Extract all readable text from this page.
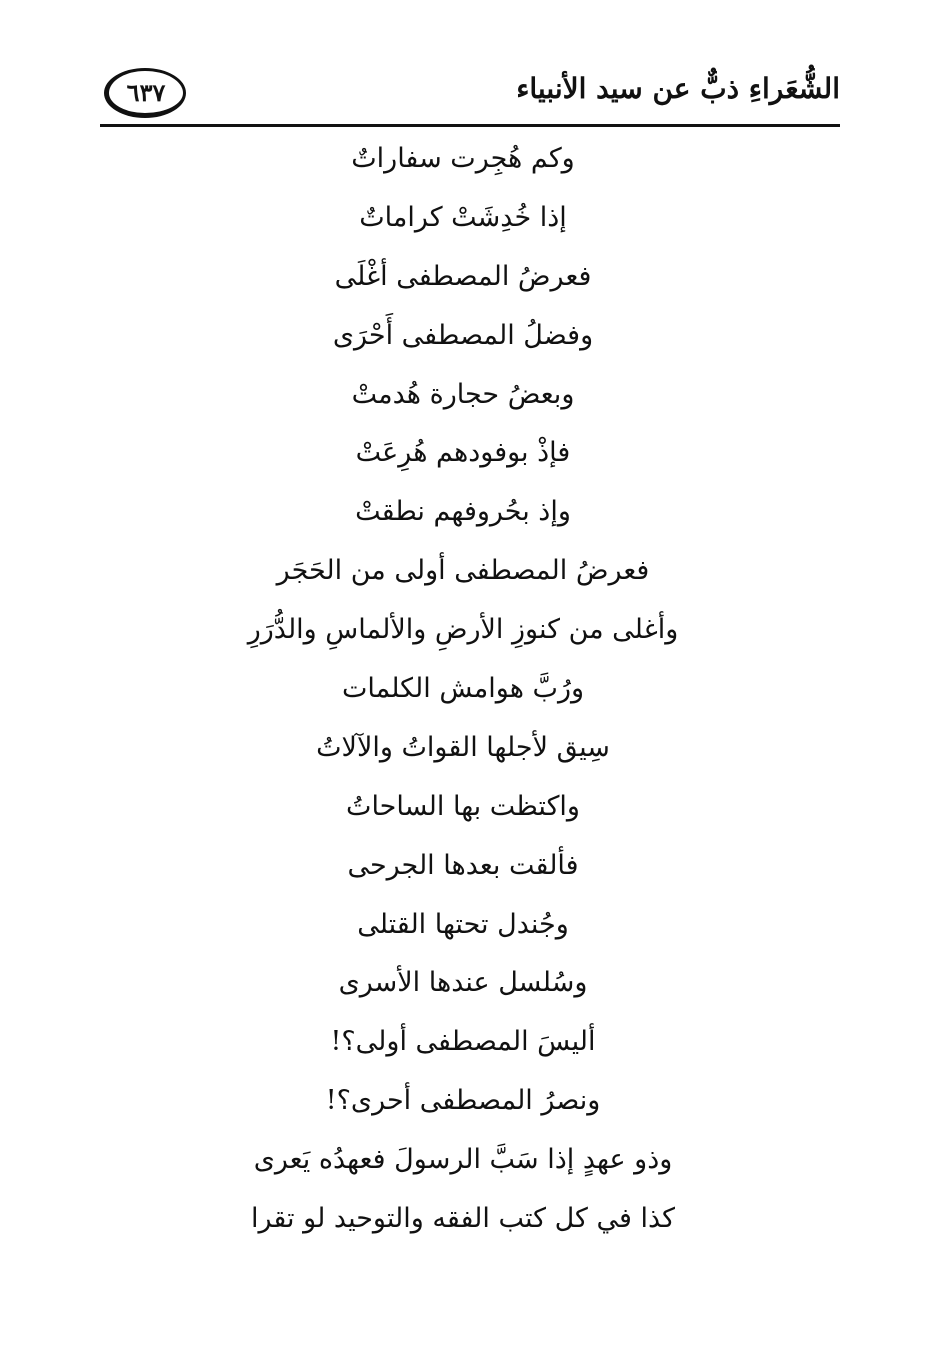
الشُّعَراءِ ذبٌّ عن سيد الأنبياء
٦٣٧
وكم هُجِرت سفاراتٌ
إذا خُدِشَتْ كراماتٌ
فعرضُ المصطفى أغْلَى
وفضلُ المصطفى أَحْرَى
وبعضُ حجارة هُدمتْ
فإذْ بوفودهم هُرِعَتْ
وإذ بحُروفهم نطقتْ
فعرضُ المصطفى أولى من الحَجَر
وأغلى من كنوزِ الأرضِ والألماسِ والدُّرَرِ
ورُبَّ هوامش الكلمات
سِيق لأجلها القواتُ والآلاتُ
واكتظت بها الساحاتُ
فألقت بعدها الجرحى
وجُندل تحتها القتلى
وسُلسل عندها الأسرى
أليسَ المصطفى أولى؟!
ونصرُ المصطفى أحرى؟!
وذو عهدٍ إذا سَبَّ الرسولَ فعهدُه يَعرى
كذا في كل كتب الفقه والتوحيد لو تقرا
